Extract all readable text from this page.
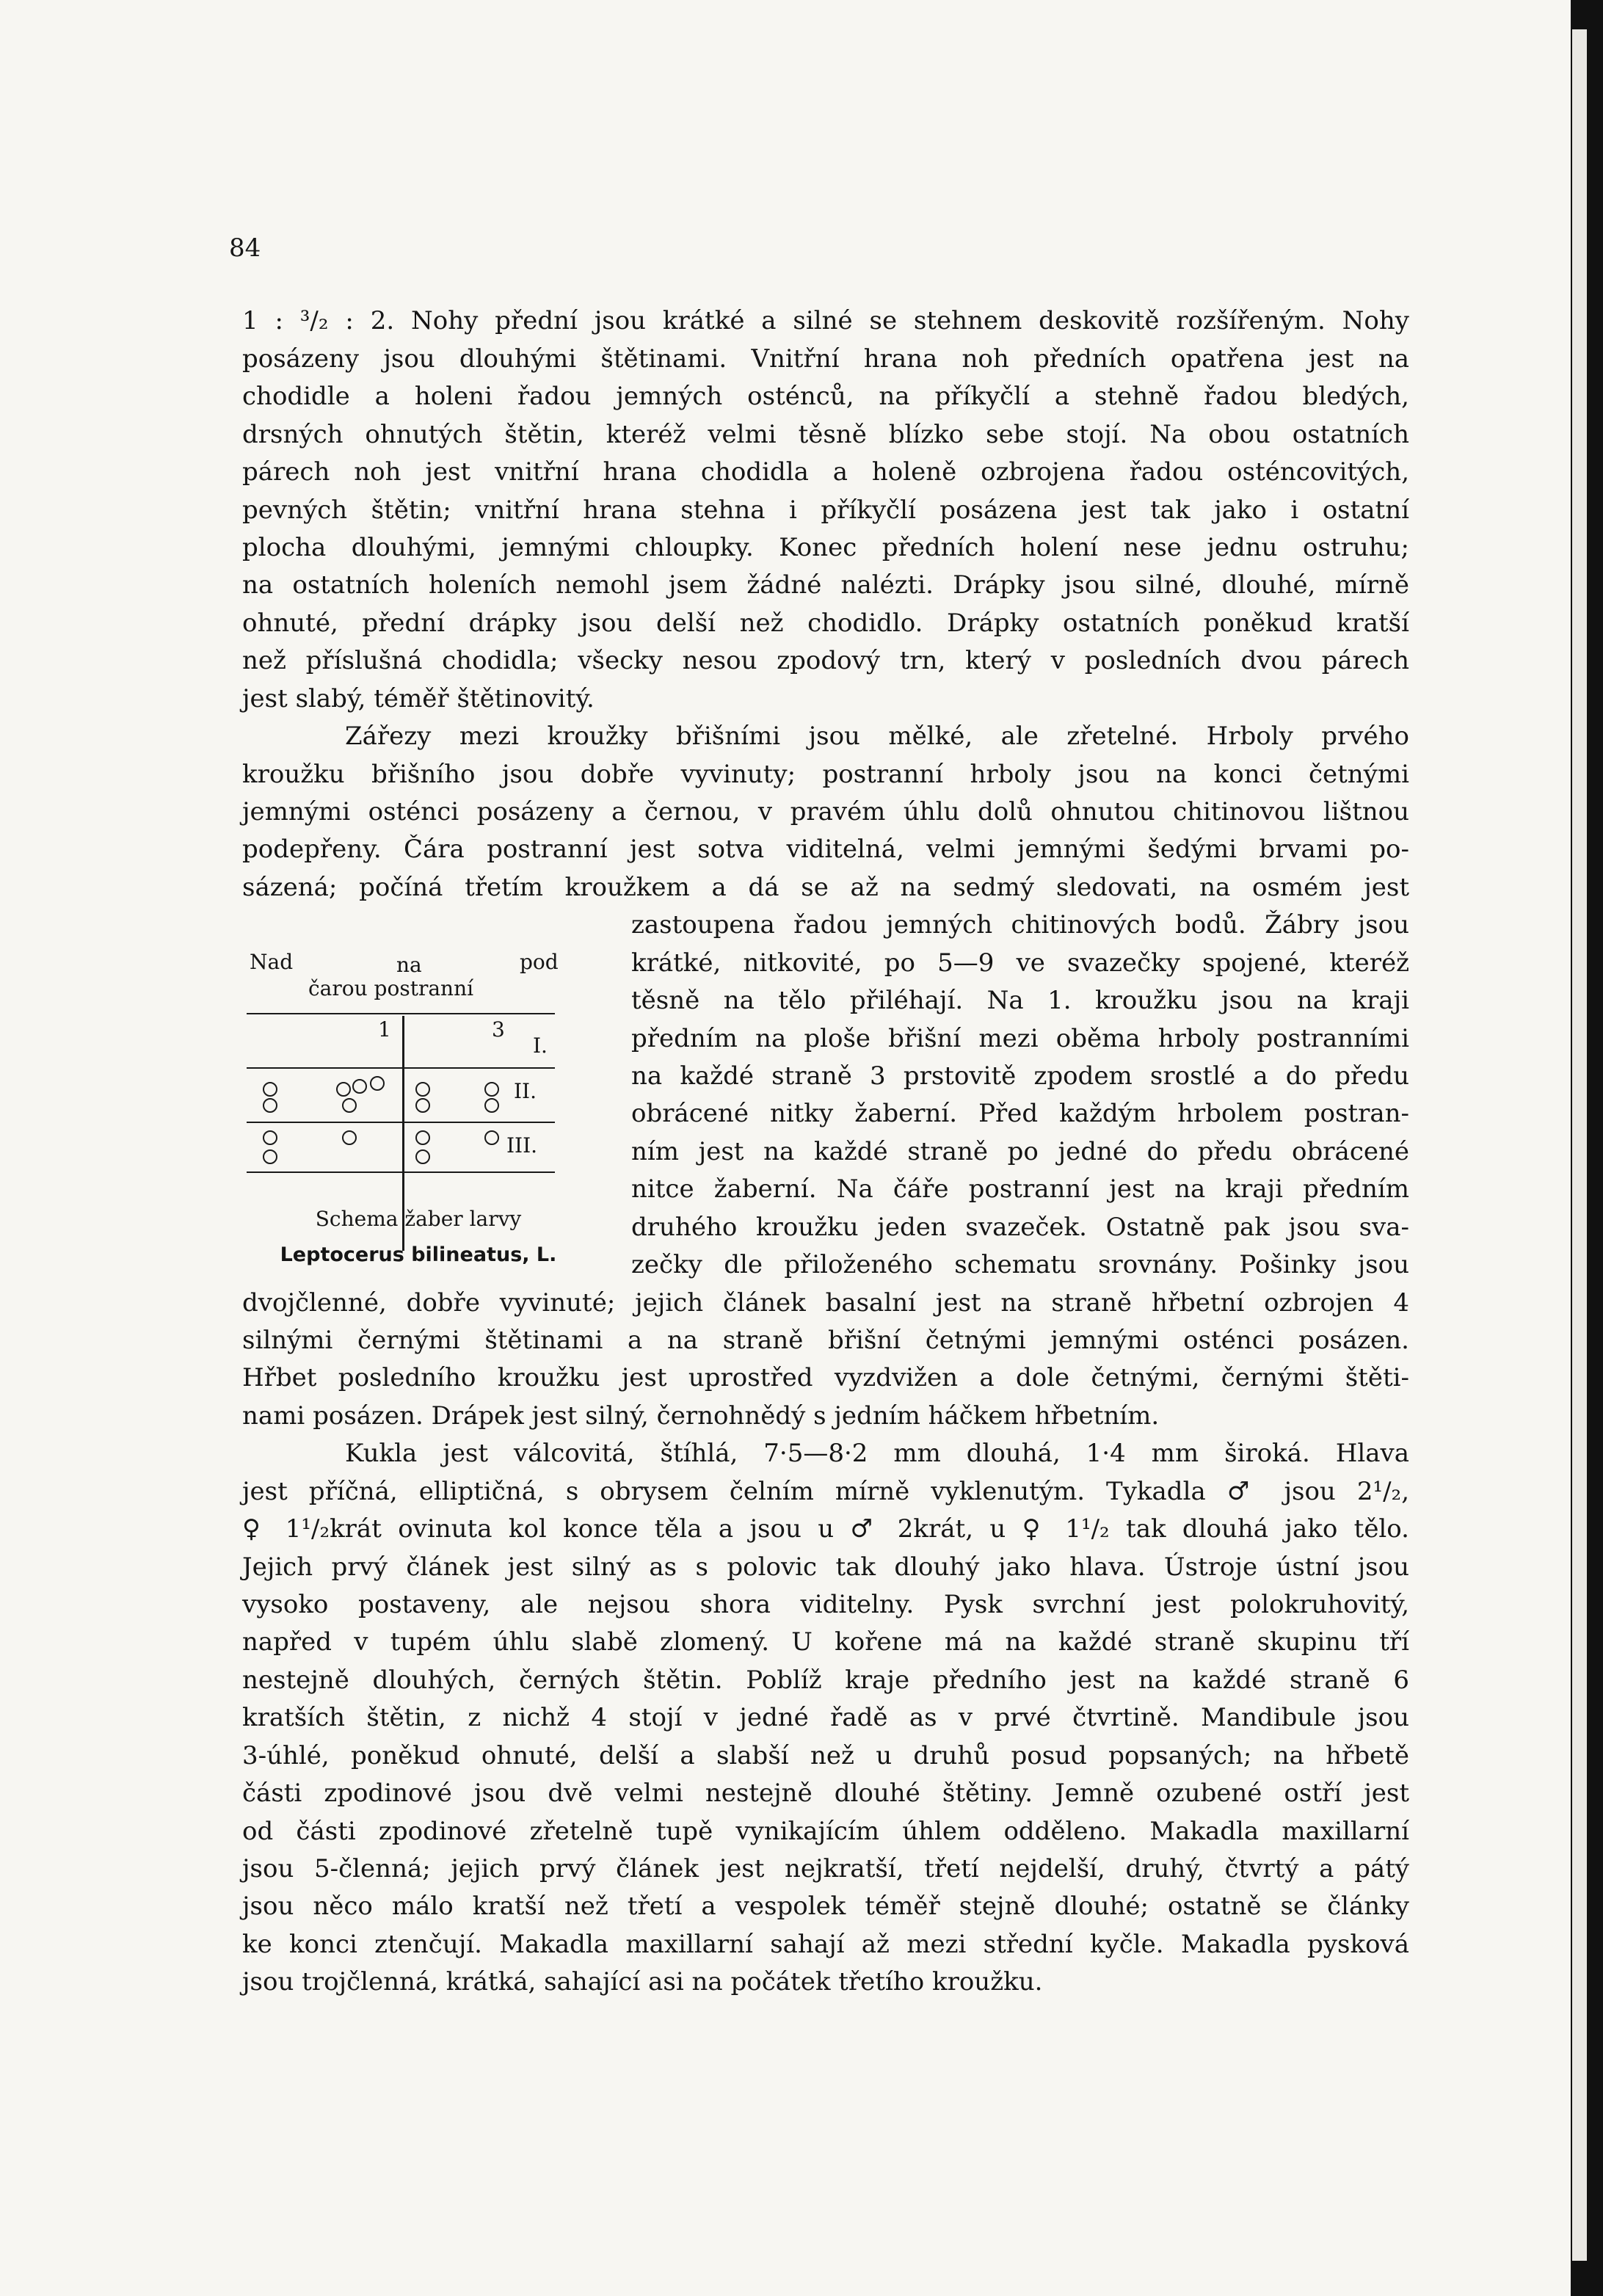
84
1 : ³/₂ : 2. Nohy přední jsou krátké a silné se stehnem deskovitě rozšířeným. Nohy
posázeny jsou dlouhými štětinami. Vnitřní hrana noh předních opatřena jest na
chodidle a holeni řadou jemných osténců, na příkyčlí a stehně řadou bledých,
drsných ohnutých štětin, kteréž velmi těsně blízko sebe stojí. Na obou ostatních
párech noh jest vnitřní hrana chodidla a holeně ozbrojena řadou osténcovitých,
pevných štětin; vnitřní hrana stehna i příkyčlí posázena jest tak jako i ostatní
plocha dlouhými, jemnými chloupky. Konec předních holení nese jednu ostruhu;
na ostatních holeních nemohl jsem žádné nalézti. Drápky jsou silné, dlouhé, mírně
ohnuté, přední drápky jsou delší než chodidlo. Drápky ostatních poněkud kratší
než příslušná chodidla; všecky nesou zpodový trn, který v posledních dvou párech
jest slabý, téměř štětinovitý.
Zářezy mezi kroužky břišními jsou mělké, ale zřetelné. Hrboly prvého
kroužku břišního jsou dobře vyvinuty; postranní hrboly jsou na konci četnými
jemnými osténci posázeny a černou, v pravém úhlu dolů ohnutou chitinovou lištnou
podepřeny. Čára postranní jest sotva viditelná, velmi jemnými šedými brvami po-
sázená; počíná třetím kroužkem a dá se až na sedmý sledovati, na osmém jest
zastoupena řadou jemných chitinových bodů. Žábry jsou
krátké, nitkovité, po 5—9 ve svazečky spojené, kteréž
těsně na tělo přiléhají. Na 1. kroužku jsou na kraji
předním na ploše břišní mezi oběma hrboly postranními
na každé straně 3 prstovitě zpodem srostlé a do předu
obrácené nitky žaberní. Před každým hrbolem postran-
ním jest na každé straně po jedné do předu obrácené
nitce žaberní. Na čáře postranní jest na kraji předním
druhého kroužku jeden svazeček. Ostatně pak jsou sva-
zečky dle přiloženého schematu srovnány. Pošinky jsou
dvojčlenné, dobře vyvinuté; jejich článek basalní jest na straně hřbetní ozbrojen 4
silnými černými štětinami a na straně břišní četnými jemnými osténci posázen.
Hřbet posledního kroužku jest uprostřed vyzdvižen a dole četnými, černými štěti-
nami posázen. Drápek jest silný, černohnědý s jedním háčkem hřbetním.
Kukla jest válcovitá, štíhlá, 7·5—8·2 mm dlouhá, 1·4 mm široká. Hlava
jest příčná, elliptičná, s obrysem čelním mírně vyklenutým. Tykadla ♂ jsou 2¹/₂,
♀ 1¹/₂krát ovinuta kol konce těla a jsou u ♂ 2krát, u ♀ 1¹/₂ tak dlouhá jako tělo.
Jejich prvý článek jest silný as s polovic tak dlouhý jako hlava. Ústroje ústní jsou
vysoko postaveny, ale nejsou shora viditelny. Pysk svrchní jest polokruhovitý,
napřed v tupém úhlu slabě zlomený. U kořene má na každé straně skupinu tří
nestejně dlouhých, černých štětin. Poblíž kraje předního jest na každé straně 6
kratších štětin, z nichž 4 stojí v jedné řadě as v prvé čtvrtině. Mandibule jsou
3-úhlé, poněkud ohnuté, delší a slabší než u druhů posud popsaných; na hřbetě
části zpodinové jsou dvě velmi nestejně dlouhé štětiny. Jemně ozubené ostří jest
od části zpodinové zřetelně tupě vynikajícím úhlem odděleno. Makadla maxillarní
jsou 5-členná; jejich prvý článek jest nejkratší, třetí nejdelší, druhý, čtvrtý a pátý
jsou něco málo kratší než třetí a vespolek téměř stejně dlouhé; ostatně se články
ke konci ztenčují. Makadla maxillarní sahají až mezi střední kyčle. Makadla pysková
jsou trojčlenná, krátká, sahající asi na počátek třetího kroužku.
Nad	na	pod
čarou postranní
1	3
I.
II.
III.
Schema žaber larvy
Leptocerus bilineatus, L.
